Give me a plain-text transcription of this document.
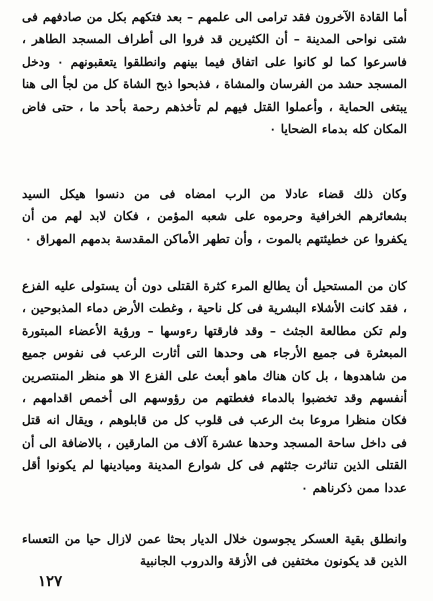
أما القادة الآخرون فقد ترامى الى علمهم – بعد فتكهم بكل من صادفهم فى شتى نواحى المدينة – أن الكثيرين قد فروا الى أطراف المسجد الطاهر ، فاسرعوا كما لو كانوا على اتفاق فيما بينهم وانطلقوا يتعقبونهم ٠ ودخل المسجد حشد من الفرسان والمشاة ، فذبحوا ذبح الشاة كل من لجأ الى هنا يبتغى الحماية ، وأعملوا القتل فيهم لم تأخذهم رحمة بأحد ما ، حتى فاض المكان كله بدماء الضحايا ٠

وكان ذلك قضاء عادلا من الرب امضاه فى من دنسوا هيكل السيد بشعائرهم الخرافية وحرموه على شعبه المؤمن ، فكان لابد لهم من أن يكفروا عن خطيئتهم بالموت ، وأن تطهر الأماكن المقدسة بدمهم المهراق ٠

كان من المستحيل أن يطالع المرء كثرة القتلى دون أن يستولى عليه الفزع ، فقد كانت الأشلاء البشرية فى كل ناحية ، وغطت الأرض دماء المذبوحين ، ولم تكن مطالعة الجثث – وقد فارقتها رءوسها – ورؤية الأعضاء المبتورة المبعثرة فى جميع الأرجاء هى وحدها التى أثارت الرعب فى نفوس جميع من شاهدوها ، بل كان هناك ماهو أبعث على الفزع الا هو منظر المنتصرين أنفسهم وقد تخضبوا بالدماء فغطتهم من رؤوسهم الى أخمص اقدامهم ، فكان منظرا مروعا بث الرعب فى قلوب كل من قابلوهم ، ويقال انه قتل فى داخل ساحة المسجد وحدها عشرة آلاف من المارقين ، بالاضافة الى أن القتلى الذين تناثرت جثثهم فى كل شوارع المدينة وميادينها لم يكونوا أقل عددا ممن ذكرناهم ٠

وانطلق بقية العسكر يجوسون خلال الديار بحثا عمن لازال حيا من التعساء الذين قد يكونون مختفين فى الأزقة والدروب الجانبية

١٢٧
